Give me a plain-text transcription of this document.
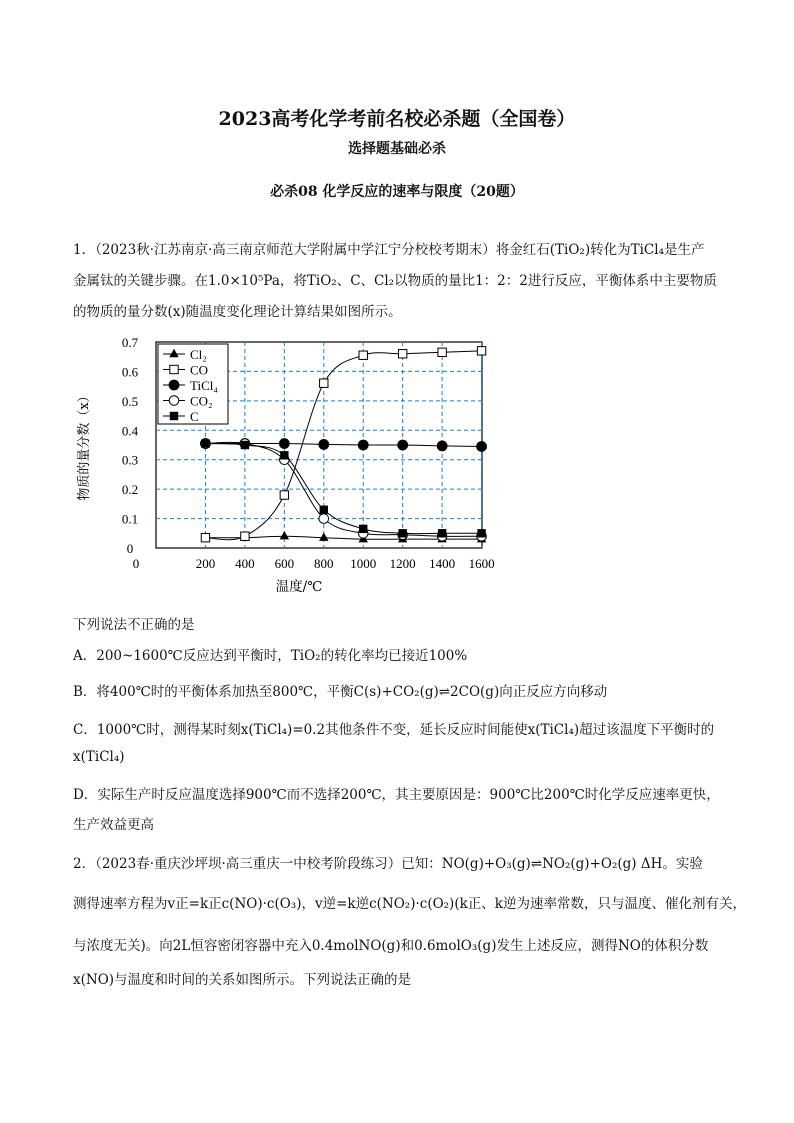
2023高考化学考前名校必杀题（全国卷）
选择题基础必杀
必杀08 化学反应的速率与限度（20题）
1．（2023秋·江苏南京·高三南京师范大学附属中学江宁分校校考期末）将金红石(TiO₂)转化为TiCl₄是生产
金属钛的关键步骤。在1.0×10⁵Pa，将TiO₂、C、Cl₂以物质的量比1：2：2进行反应，平衡体系中主要物质
的物质的量分数(x)随温度变化理论计算结果如图所示。
0	200 400 600 800 1000 1200 1400 1600
0
0.1
0.2
0.3
0.4
0.5
0.6
0.7
温度/℃
物质的量分数（x）
Cl₂
CO
TiCl₄
CO₂
C
下列说法不正确的是
A．200~1600℃反应达到平衡时，TiO₂的转化率均已接近100%
B．将400℃时的平衡体系加热至800℃，平衡C(s)+CO₂(g)⇌2CO(g)向正反应方向移动
C．1000℃时，测得某时刻x(TiCl₄)=0.2其他条件不变，延长反应时间能使x(TiCl₄)超过该温度下平衡时的
x(TiCl₄)
D．实际生产时反应温度选择900℃而不选择200℃，其主要原因是：900℃比200℃时化学反应速率更快，
生产效益更高
2．（2023春·重庆沙坪坝·高三重庆一中校考阶段练习）已知：NO(g)+O₃(g)⇌NO₂(g)+O₂(g) ΔH。实验
测得速率方程为v正=k正c(NO)·c(O₃)，v逆=k逆c(NO₂)·c(O₂)(k正、k逆为速率常数，只与温度、催化剂有关，
与浓度无关)。向2L恒容密闭容器中充入0.4molNO(g)和0.6molO₃(g)发生上述反应，测得NO的体积分数
x(NO)与温度和时间的关系如图所示。下列说法正确的是
